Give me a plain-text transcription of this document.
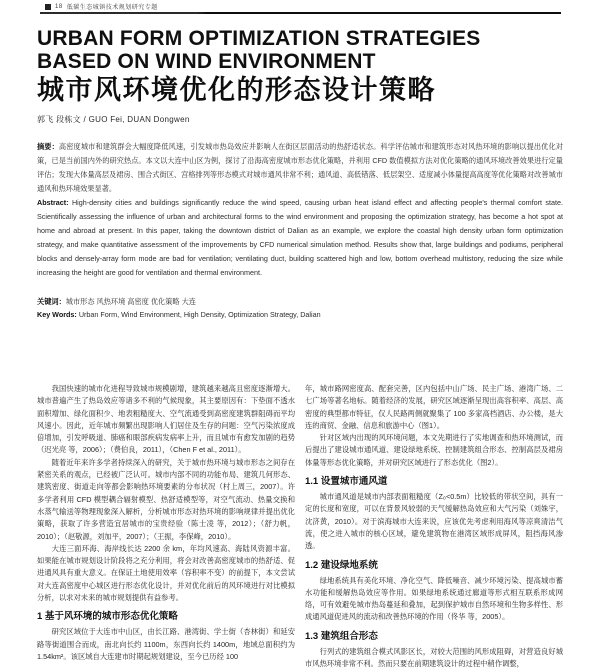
18 低碳生态城镇技术规划研究专题
URBAN FORM OPTIMIZATION STRATEGIES
BASED ON WIND ENVIRONMENT
城市风环境优化的形态设计策略
郭飞 段栋文 / GUO Fei, DUAN Dongwen

摘要：高密度城市和建筑群会大幅度降低风速，引发城市热岛效应并影响人在街区层面活动的热舒适状态。科学评估城市和建筑形态对风热环境的影响以提出优化对策，已是当前国内外的研究热点。本文以大连中山区为例，探讨了沿海高密度城市形态优化策略，并利用 CFD 数值模拟方法对优化策略的通风环境改善效果进行定量评估；发现大体量高层及裙房、围合式街区、宫格排列等形态模式对城市通风非常不利；通风道、高低错落、低层架空、适度减小体量提高高度等优化策略对改善城市通风和热环境效果显著。

Abstract: High-density cities and buildings significantly reduce the wind speed, causing urban heat island effect and affecting people's thermal comfort state. Scientifically assessing the influence of urban and architectural forms to the wind environment and proposing the optimization strategy, has become a hot spot at home and abroad at present. In this paper, taking the downtown district of Dalian as an example, we explore the coastal high density urban form optimization strategy, and make quantitative assessment of the improvements by CFD numerical simulation method. Results show that, large buildings and podiums, peripheral blocks and densely-array form mode are bad for ventilation; ventilating duct, building scattered high and low, bottom overhead multistory, reducing the size while increasing the height are good for ventilation and thermal environment.

关键词：城市形态 风热环境 高密度 优化策略 大连

Key Words: Urban Form, Wind Environment, High Density, Optimization Strategy, Dalian

我国快速的城市化进程导致城市规模剧增，建筑越来越高且密度逐渐增大。城市普遍产生了热岛效应等诸多不利的气候现象，其主要原因有：下垫面不透水面积增加、绿化面积少、地表粗糙度大、空气流通受到高密度建筑群阻碍而平均风速小。因此，近年城市频繁出现影响人们居住及生存的问题：空气污染浓度成倍增加，引发呼吸道、肺癌和眼部疾病发病率上升，而且城市有愈发加剧的趋势（迟光亮 等，2006）；（费伯良，2011），（Chen F et al., 2011）。

随着近年来许多学者持续深入的研究，关于城市热环境与城市形态之间存在紧密关系的观点，已经被广泛认可。城市内部不同的功能布局、建筑几何形态、建筑密度、街道走向等都会影响热环境要素的分布状况（村上周三，2007）。许多学者利用 CFD 模型耦合辐射模型、热舒适模型等，对空气流动、热量交换和水蒸气输送等物理现象深入解析，分析城市形态对热环境的影响规律并提出优化策略，获取了许多营造宜居城市的宝贵经验（陈士凌 等，2012）；（舒力帆，2010）；（赵敬源，刘加平，2007）；（王振，李保峰，2010）。

大连三面环海、海岸线长达 2200 余 km，年均风速高、海陆风资源丰富。如果能在城市规划设计阶段将之充分利用，将会对改善高密度城市的热舒适、促进通风具有重大意义。在保证土地使用效率（容积率不变）的前提下，本文尝试对大连高密度中心城区进行形态优化设计，并对优化前后的风环境进行对比模拟分析，以求对未来的城市规划提供有益参考。

1 基于风环境的城市形态优化策略

研究区域位于大连市中山区，由长江路、港湾街、学士街（杏林街）和延安路等街道围合而成，南北向长约 1100m，东西向长约 1400m，地域总面积约为 1.54km²。该区域自大连建市时期起规划建设，至今已历经 100

年，城市路网密度高、配套完善，区内包括中山广场、民主广场、港湾广场、二七广场等著名地标。随着经济的发展，研究区域逐渐呈现出高容积率、高层、高密度的典型都市特征，仅人民路两侧就聚集了 100 多家高档酒店、办公楼，是大连的商贸、金融、信息和旅游中心（图1）。

针对区域内出现的风环境问题，本文先期进行了实地调查和热环境测试，而后提出了建设城市通风道、建设绿地系统、控制建筑组合形态、控制高层及裙房体量等形态优化策略，并对研究区域进行了形态优化（图2）。

1.1 设置城市通风道

城市通风道是城市内部表面粗糙度（Z₀<0.5m）比较低的带状空间，具有一定的长度和宽度，可以在背景风较弱的天气缓解热岛效应和大气污染（刘姝宇，沈济黄，2010）。对于滨海城市大连来说，应该优先考虑利用海风等凉爽清洁气流，使之进入城市的核心区域，避免建筑物在港湾区域形成屏风，阻挡海风渗透。

1.2 建设绿地系统

绿地系统具有美化环境、净化空气、降低噪音、减少环境污染、提高城市蓄水功能和缓解热岛效应等作用。如果绿地系统通过廊道等形式相互联系形成网络，可有效避免城市热岛蔓延和叠加，起到保护城市自然环境和生物多样性、形成通风道促进风的流动和改善热环境的作用（佟华 等，2005）。

1.3 建筑组合形态

行列式的建筑组合模式风影区长，对较大范围的风形成阻碍，对营造良好城市风热环境非常不利。然而只要在前期建筑设计的过程中稍作调整，
